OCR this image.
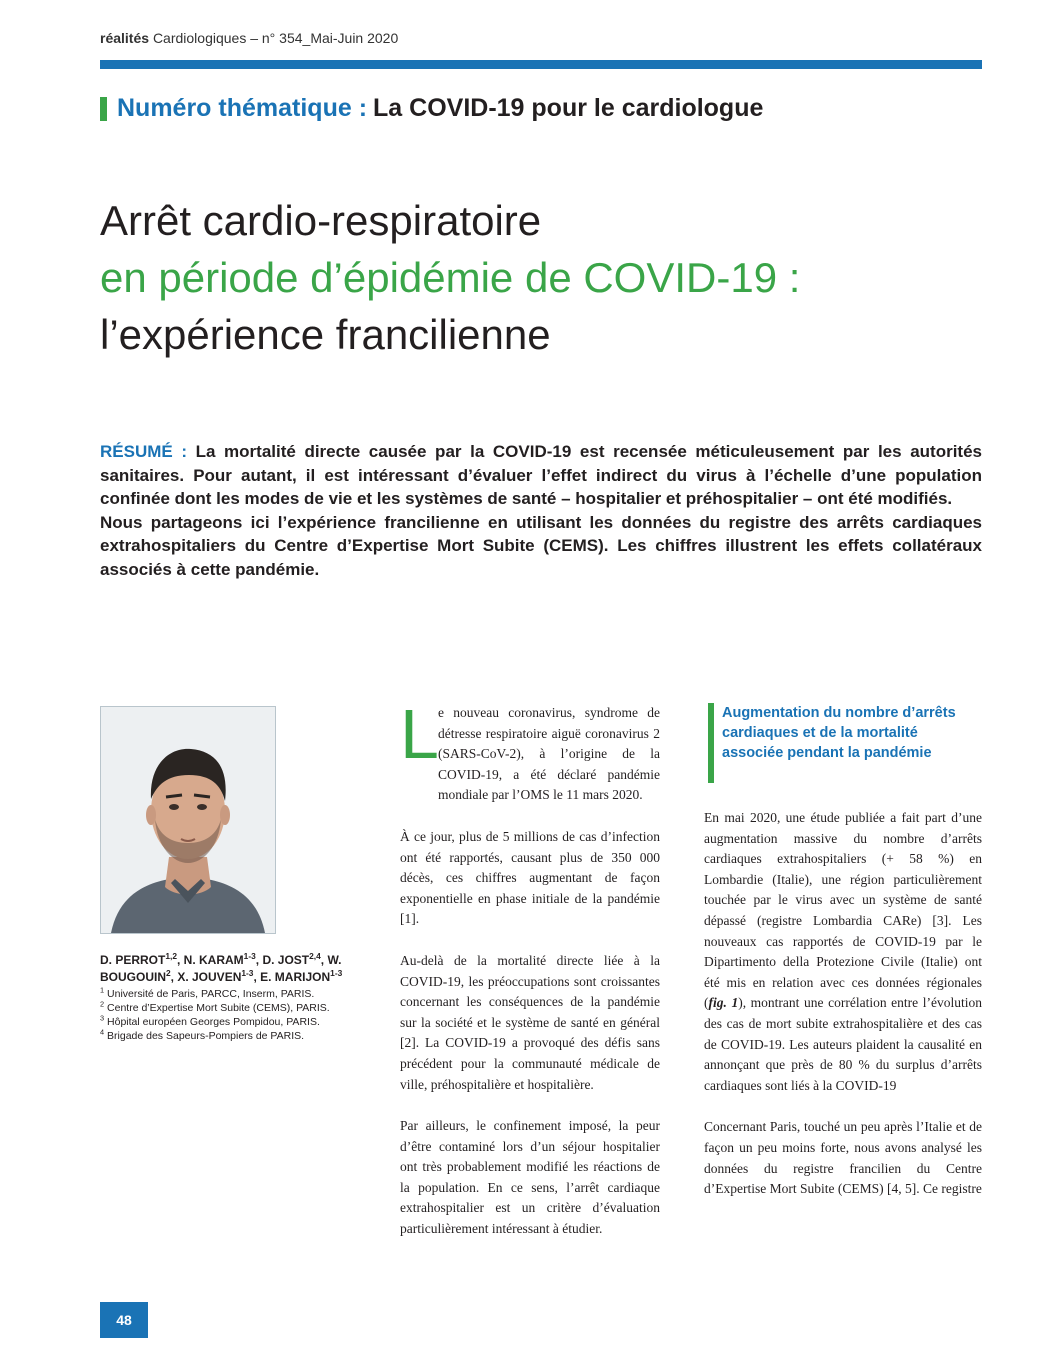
réalités Cardiologiques – n° 354_Mai-Juin 2020
Numéro thématique : La COVID-19 pour le cardiologue
Arrêt cardio-respiratoire
en période d’épidémie de COVID-19 :
l’expérience francilienne

RÉSUMÉ : La mortalité directe causée par la COVID-19 est recensée méticuleusement par les autorités sanitaires. Pour autant, il est intéressant d’évaluer l’effet indirect du virus à l’échelle d’une population confinée dont les modes de vie et les systèmes de santé – hospitalier et préhospitalier – ont été modifiés.

Nous partageons ici l’expérience francilienne en utilisant les données du registre des arrêts cardiaques extrahospitaliers du Centre d’Expertise Mort Subite (CEMS). Les chiffres illustrent les effets collatéraux associés à cette pandémie.

D. PERROT$^{1,2}$, N. KARAM$^{1-3}$, D. JOST$^{2,4}$, W. BOUGOUIN$^2$, X. JOUVEN$^{1-3}$, E. MARIJON$^{1-3}$

$^1$ Université de Paris, PARCC, Inserm, PARIS.
$^2$ Centre d’Expertise Mort Subite (CEMS), PARIS.
$^3$ Hôpital européen Georges Pompidou, PARIS.
$^4$ Brigade des Sapeurs-Pompiers de PARIS.

L e nouveau coronavirus, syndrome de détresse respiratoire aiguë coronavirus 2 (SARS-CoV-2), à l’origine de la COVID-19, a été déclaré pandémie mondiale par l’OMS le 11 mars 2020.

À ce jour, plus de 5 millions de cas d’infection ont été rapportés, causant plus de 350 000 décès, ces chiffres augmentant de façon exponentielle en phase initiale de la pandémie [1].

Au-delà de la mortalité directe liée à la COVID-19, les préoccupations sont croissantes concernant les conséquences de la pandémie sur la société et le système de santé en général [2]. La COVID-19 a provoqué des défis sans précédent pour la communauté médicale de ville, préhospitalière et hospitalière.

Par ailleurs, le confinement imposé, la peur d’être contaminé lors d’un séjour hospitalier ont très probablement modifié les réactions de la population. En ce sens, l’arrêt cardiaque extrahospitalier est un critère d’évaluation particulièrement intéressant à étudier.

Augmentation du nombre d’arrêts cardiaques et de la mortalité associée pendant la pandémie

En mai 2020, une étude publiée a fait part d’une augmentation massive du nombre d’arrêts cardiaques extrahospitaliers (+ 58 %) en Lombardie (Italie), une région particulièrement touchée par le virus avec un système de santé dépassé (registre Lombardia CARe) [3]. Les nouveaux cas rapportés de COVID-19 par le Dipartimento della Protezione Civile (Italie) ont été mis en relation avec ces données régionales (fig. 1), montrant une corrélation entre l’évolution des cas de mort subite extrahospitalière et des cas de COVID-19. Les auteurs plaident la causalité en annonçant que près de 80 % du surplus d’arrêts cardiaques sont liés à la COVID-19

Concernant Paris, touché un peu après l’Italie et de façon un peu moins forte, nous avons analysé les données du registre francilien du Centre d’Expertise Mort Subite (CEMS) [4, 5]. Ce registre

48
